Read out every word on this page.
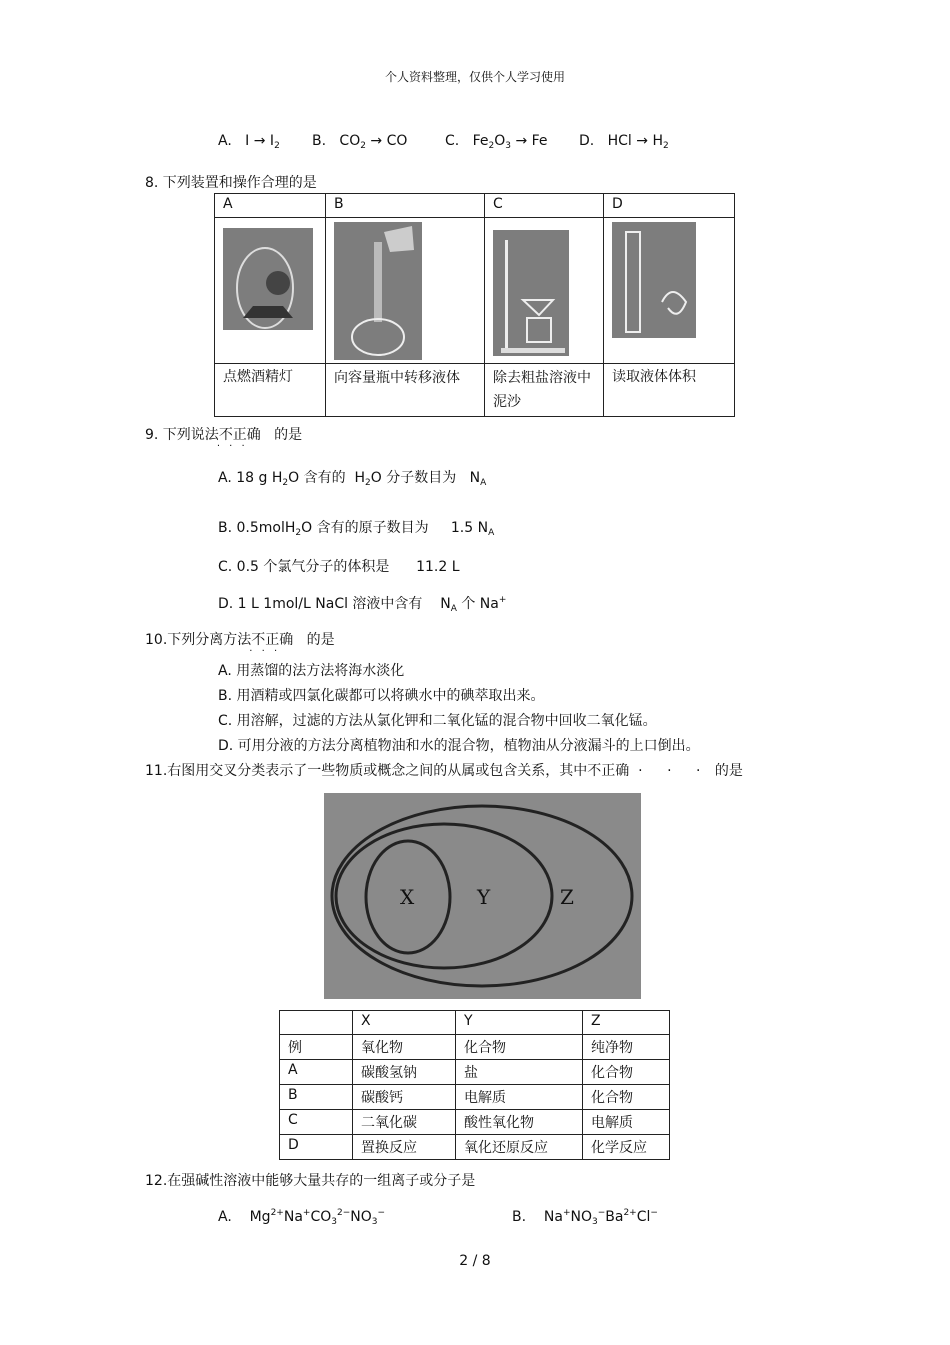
个人资料整理，仅供个人学习使用
A. $I \to I_2$ B. $CO_2$ → CO	C. $Fe_2O_3 \to Fe$ D. HCl → $H_2$
8. 下列装置和操作合理的是
A	B	C	D

点燃酒精灯	向容量瓶中转移液体	除去粗盐溶液中泥沙	读取液体体积
9. 下列说法不正确 · · · 的是
A. 18 g $H_2O$ 含有的 $H_2O$ 分子数目为 $N_A$
B. 0.5molH$_2$O 含有的原子数目为 1.5 $N_A$
C. 0.5 个氯气分子的体积是 11.2 L
D. 1 L 1mol/L NaCl 溶液中含有 $N_A$ 个 Na+
10.下列分离方法不正确 · · · 的是
A. 用蒸馏的法方法将海水淡化
B. 用酒精或四氯化碳都可以将碘水中的碘萃取出来。
C. 用溶解，过滤的方法从氯化钾和二氧化锰的混合物中回收二氧化锰。
D. 可用分液的方法分离植物油和水的混合物，植物油从分液漏斗的上口倒出。
11.右图用交叉分类表示了一些物质或概念之间的从属或包含关系，其中不正确 · · · 的是
X	Y	Z
	X	Y	Z
例	氧化物	化合物	纯净物
A	碳酸氢钠	盐	化合物
B	碳酸钙	电解质	化合物
C	二氧化碳	酸性氧化物	电解质
D	置换反应	氧化还原反应	化学反应
12.在强碱性溶液中能够大量共存的一组离子或分子是
A. $Mg^{2+}Na^+CO_3^{2-}NO_3^-$	B. $Na^+NO_3^-Ba^{2+}Cl^-$
2 / 8
